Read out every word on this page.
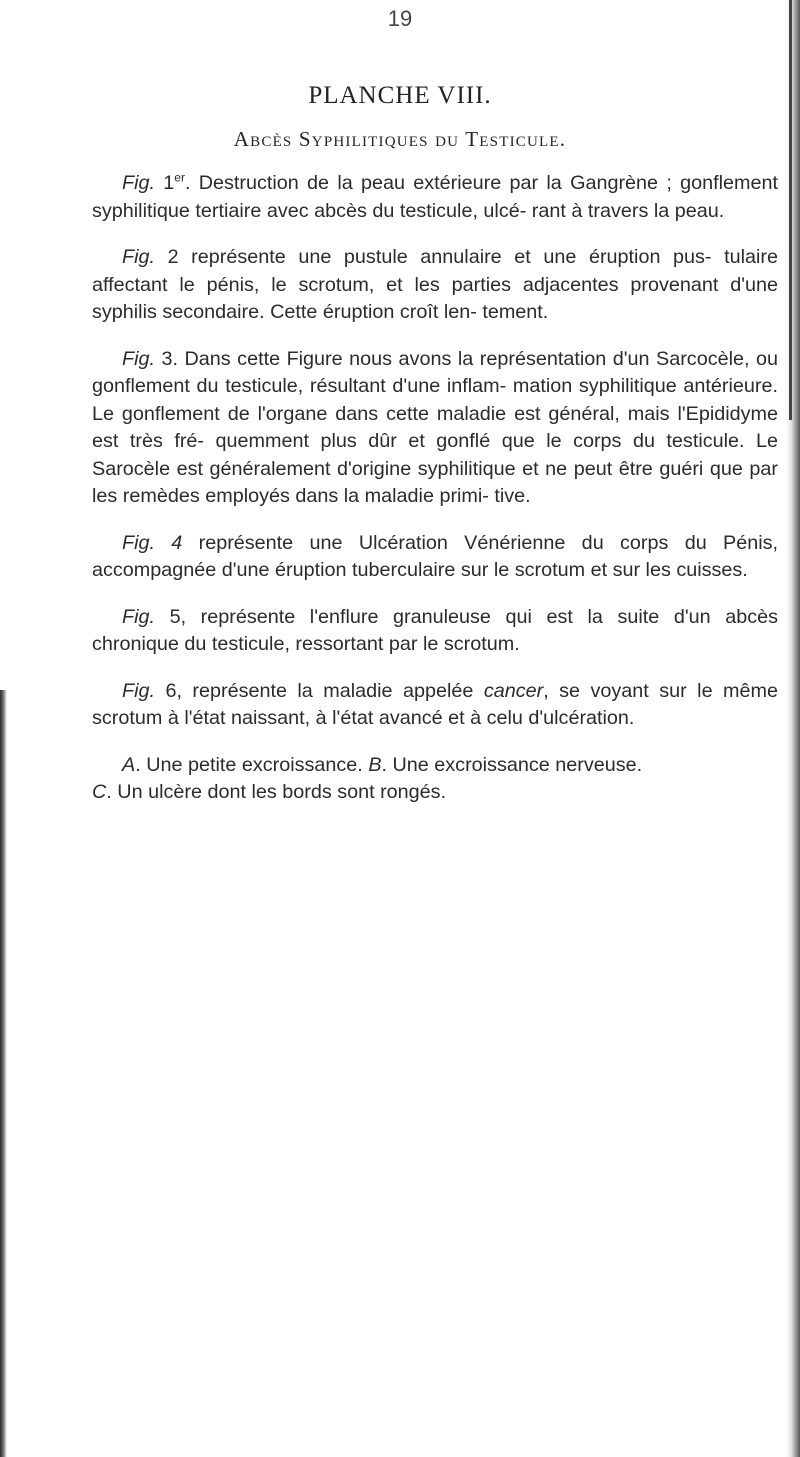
19
PLANCHE VIII.
Abcès Syphilitiques du Testicule.

Fig. 1er. Destruction de la peau extérieure par la Gangrène ; gonflement syphilitique tertiaire avec abcès du testicule, ulcé- rant à travers la peau.

Fig. 2 représente une pustule annulaire et une éruption pus- tulaire affectant le pénis, le scrotum, et les parties adjacentes provenant d'une syphilis secondaire. Cette éruption croît len- tement.

Fig. 3. Dans cette Figure nous avons la représentation d'un Sarcocèle, ou gonflement du testicule, résultant d'une inflam- mation syphilitique antérieure. Le gonflement de l'organe dans cette maladie est général, mais l'Epididyme est très fré- quemment plus dûr et gonflé que le corps du testicule. Le Sarocèle est généralement d'origine syphilitique et ne peut être guéri que par les remèdes employés dans la maladie primi- tive.

Fig. 4 représente une Ulcération Vénérienne du corps du Pénis, accompagnée d'une éruption tuberculaire sur le scrotum et sur les cuisses.

Fig. 5, représente l'enflure granuleuse qui est la suite d'un abcès chronique du testicule, ressortant par le scrotum.

Fig. 6, représente la maladie appelée cancer, se voyant sur le même scrotum à l'état naissant, à l'état avancé et à celu d'ulcération.

A. Une petite excroissance. B. Une excroissance nerveuse.
C. Un ulcère dont les bords sont rongés.
